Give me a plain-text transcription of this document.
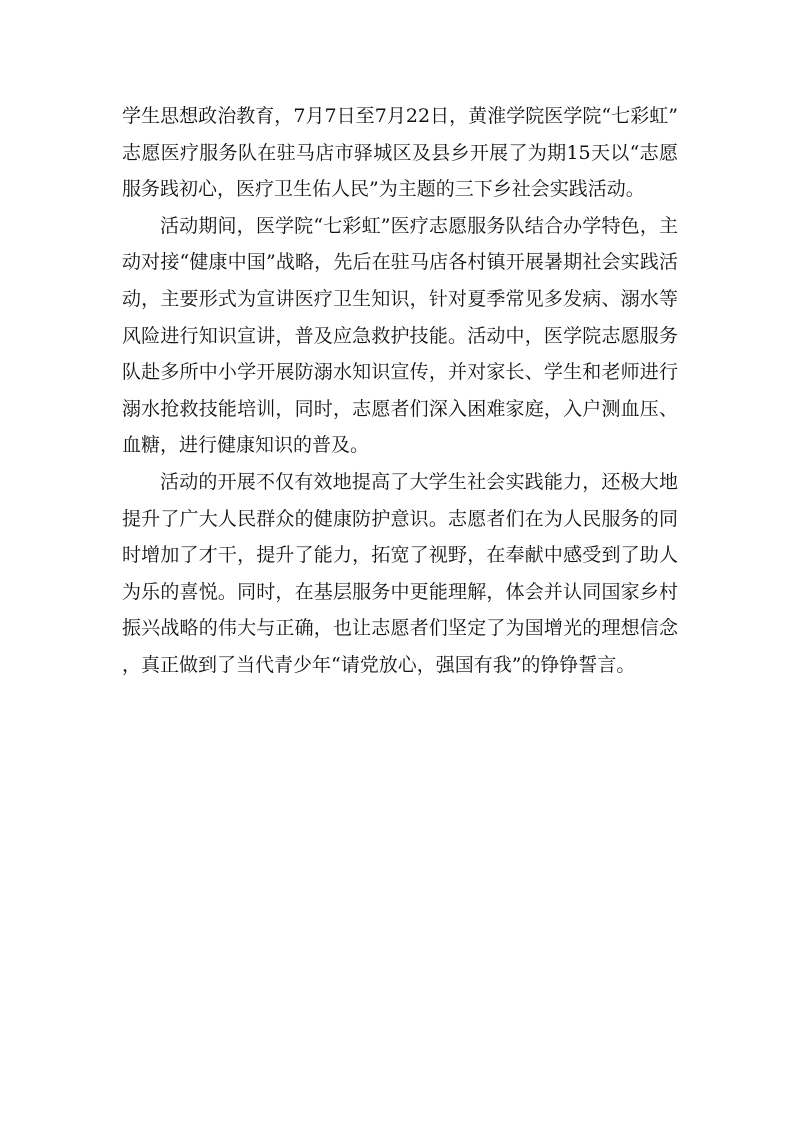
学生思想政治教育，7月7日至7月22日，黄淮学院医学院“七彩虹”志愿医疗服务队在驻马店市驿城区及县乡开展了为期15天以“志愿服务践初心，医疗卫生佑人民”为主题的三下乡社会实践活动。

活动期间，医学院“七彩虹”医疗志愿服务队结合办学特色，主动对接“健康中国”战略，先后在驻马店各村镇开展暑期社会实践活动，主要形式为宣讲医疗卫生知识，针对夏季常见多发病、溺水等风险进行知识宣讲，普及应急救护技能。活动中，医学院志愿服务队赴多所中小学开展防溺水知识宣传，并对家长、学生和老师进行溺水抢救技能培训，同时，志愿者们深入困难家庭，入户测血压、血糖，进行健康知识的普及。

活动的开展不仅有效地提高了大学生社会实践能力，还极大地提升了广大人民群众的健康防护意识。志愿者们在为人民服务的同时增加了才干，提升了能力，拓宽了视野，在奉献中感受到了助人为乐的喜悦。同时，在基层服务中更能理解，体会并认同国家乡村振兴战略的伟大与正确，也让志愿者们坚定了为国增光的理想信念，真正做到了当代青少年“请党放心，强国有我”的铮铮誓言。
